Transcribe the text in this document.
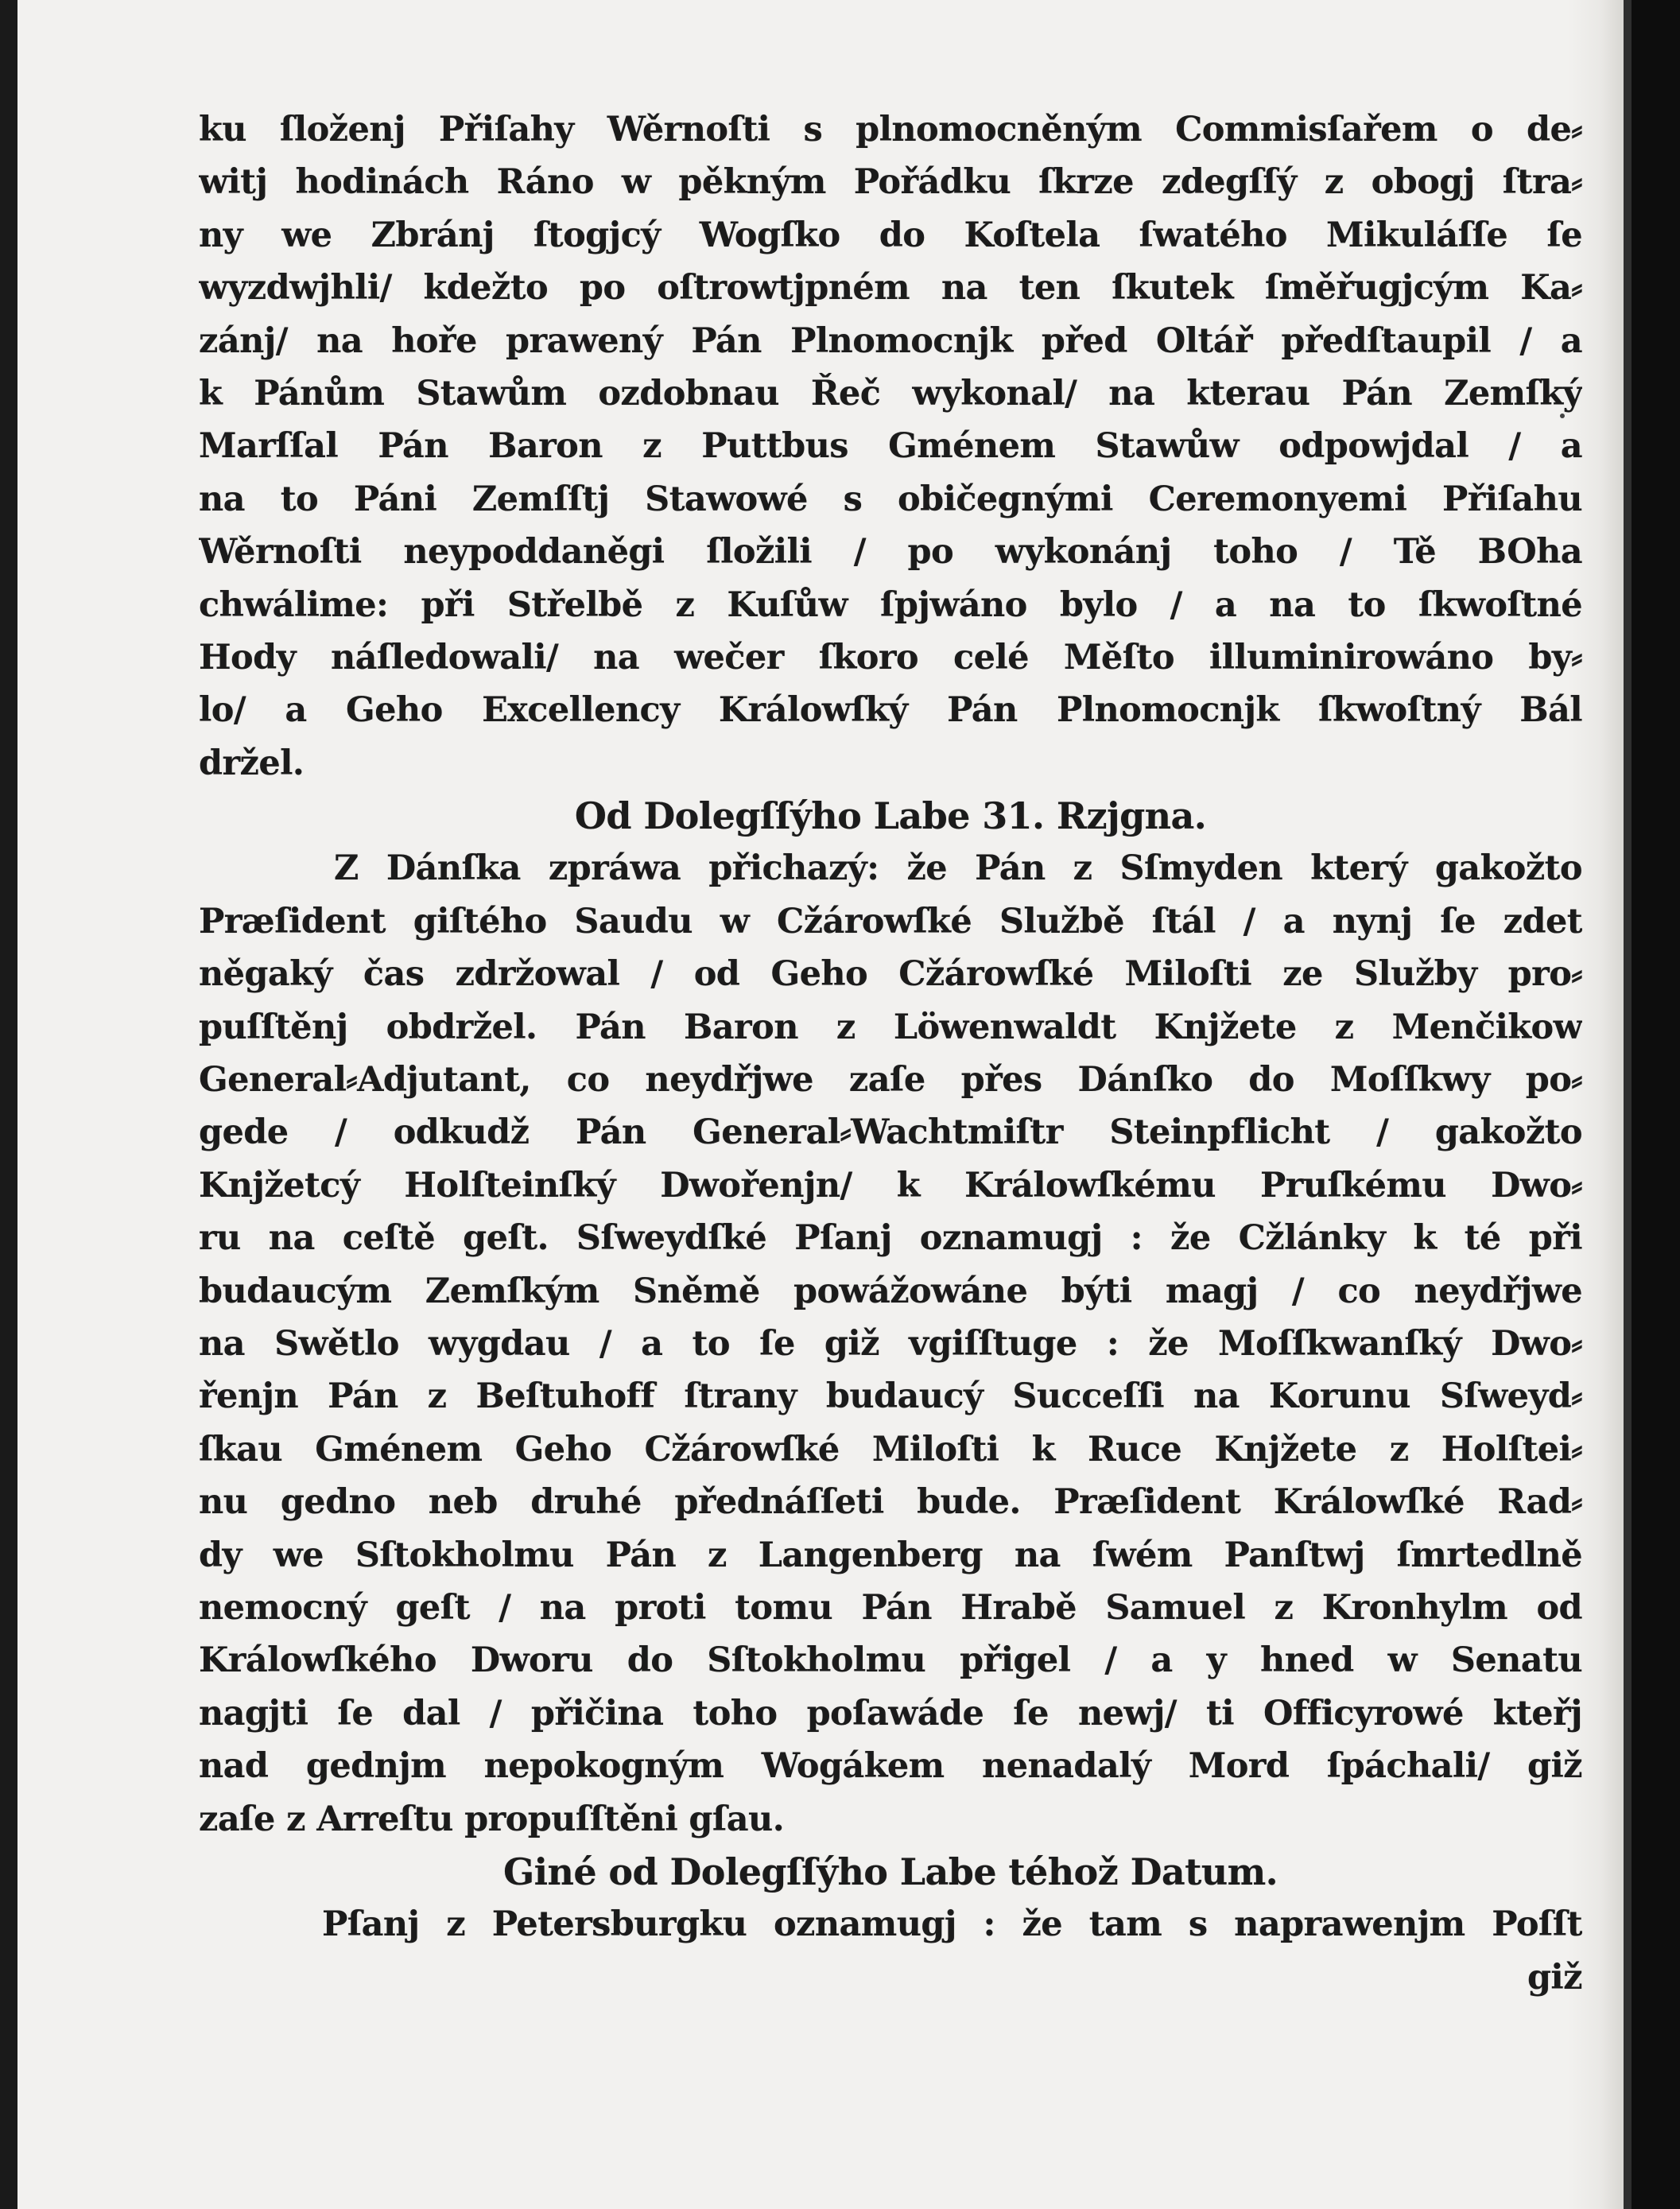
ku ſloženj Přiſahy Wěrnoſti s plnomocněným Commisſařem o de⸗
witj hodinách Ráno w pěkným Pořádku ſkrze zdegſſý z obogj ſtra⸗
ny we Zbránj ſtogjcý Wogſko do Koſtela ſwatého Mikuláſſe ſe
wyzdwjhli/ kdežto po oſtrowtjpném na ten ſkutek ſměřugjcým Ka⸗
zánj/ na hoře prawený Pán Plnomocnjk před Oltář předſtaupil / a
k Pánům Stawům ozdobnau Řeč wykonal/ na kterau Pán Zemſký
Marſſal Pán Baron z Puttbus Gménem Stawůw odpowjdal / a
na to Páni Zemſſtj Stawowé s običegnými Ceremonyemi Přiſahu
Wěrnoſti neypoddaněgi ſložili / po wykonánj toho / Tě BOha
chwálime: při Střelbě z Kuſůw ſpjwáno bylo / a na to ſkwoſtné
Hody náſledowali/ na wečer ſkoro celé Měſto illuminirowáno by⸗
lo/ a Geho Excellency Králowſký Pán Plnomocnjk ſkwoſtný Bál
držel.
Od Dolegſſýho Labe 31. Rzjgna.
Z Dánſka zpráwa přichazý: že Pán z Sſmyden který gakožto
Præſident giſtého Saudu w Cžárowſké Službě ſtál / a nynj ſe zdet
něgaký čas zdržowal / od Geho Cžárowſké Miloſti ze Služby pro⸗
puſſtěnj obdržel. Pán Baron z Löwenwaldt Knjžete z Menčikow
General⸗Adjutant, co neydřjwe zaſe přes Dánſko do Moſſkwy po⸗
gede / odkudž Pán General⸗Wachtmiſtr Steinpflicht / gakožto
Knjžetcý Holſteinſký Dwořenjn/ k Králowſkému Pruſkému Dwo⸗
ru na ceſtě geſt. Sſweydſké Pſanj oznamugj : že Cžlánky k té při
budaucým Zemſkým Sněmě powážowáne býti magj / co neydřjwe
na Swětlo wygdau / a to ſe giž vgiſſtuge : že Moſſkwanſký Dwo⸗
řenjn Pán z Beſtuhoff ſtrany budaucý Succeſſi na Korunu Sſweyd⸗
ſkau Gménem Geho Cžárowſké Miloſti k Ruce Knjžete z Holſtei⸗
nu gedno neb druhé přednáſſeti bude. Præſident Králowſké Rad⸗
dy we Sſtokholmu Pán z Langenberg na ſwém Panſtwj ſmrtedlně
nemocný geſt / na proti tomu Pán Hrabě Samuel z Kronhylm od
Králowſkého Dworu do Sſtokholmu přigel / a y hned w Senatu
nagjti ſe dal / přičina toho poſawáde ſe newj/ ti Officyrowé kteřj
nad gednjm nepokogným Wogákem nenadalý Mord ſpáchali/ giž
zaſe z Arreſtu propuſſtěni gſau.
Giné od Dolegſſýho Labe téhož Datum.
Pſanj z Petersburgku oznamugj : že tam s naprawenjm Poſſt
giž
